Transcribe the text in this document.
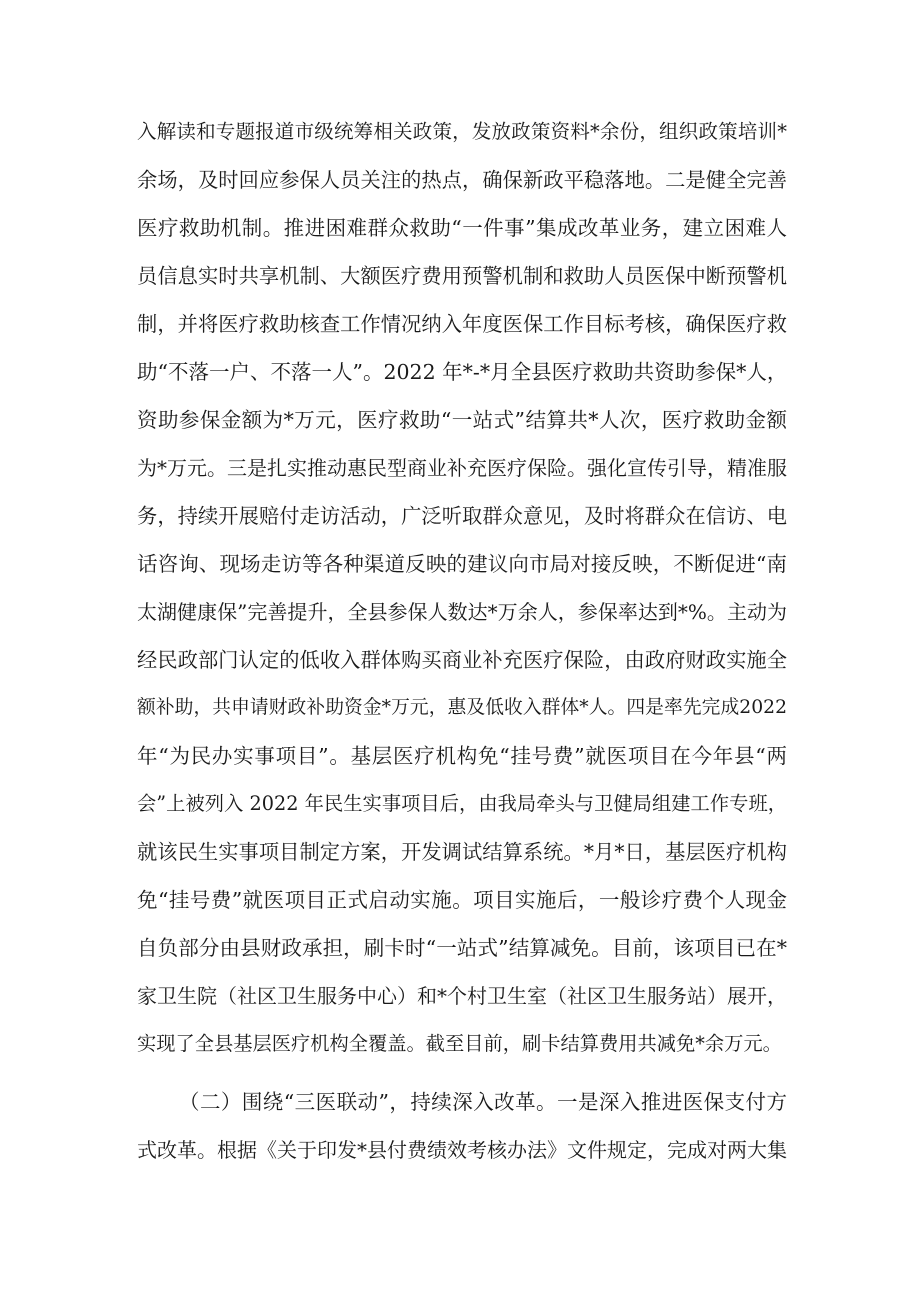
入解读和专题报道市级统筹相关政策，发放政策资料*余份，组织政策培训*
余场，及时回应参保人员关注的热点，确保新政平稳落地。二是健全完善
医疗救助机制。推进困难群众救助“一件事”集成改革业务，建立困难人
员信息实时共享机制、大额医疗费用预警机制和救助人员医保中断预警机
制，并将医疗救助核查工作情况纳入年度医保工作目标考核，确保医疗救
助“不落一户、不落一人”。2022 年*-*月全县医疗救助共资助参保*人，
资助参保金额为*万元，医疗救助“一站式”结算共*人次，医疗救助金额
为*万元。三是扎实推动惠民型商业补充医疗保险。强化宣传引导，精准服
务，持续开展赔付走访活动，广泛听取群众意见，及时将群众在信访、电
话咨询、现场走访等各种渠道反映的建议向市局对接反映，不断促进“南
太湖健康保”完善提升，全县参保人数达*万余人，参保率达到*%。主动为
经民政部门认定的低收入群体购买商业补充医疗保险，由政府财政实施全
额补助，共申请财政补助资金*万元，惠及低收入群体*人。四是率先完成2022
年“为民办实事项目”。基层医疗机构免“挂号费”就医项目在今年县“两
会”上被列入 2022 年民生实事项目后，由我局牵头与卫健局组建工作专班，
就该民生实事项目制定方案，开发调试结算系统。*月*日，基层医疗机构
免“挂号费”就医项目正式启动实施。项目实施后，一般诊疗费个人现金
自负部分由县财政承担，刷卡时“一站式”结算减免。目前，该项目已在*
家卫生院（社区卫生服务中心）和*个村卫生室（社区卫生服务站）展开，
实现了全县基层医疗机构全覆盖。截至目前，刷卡结算费用共减免*余万元。
（二）围绕“三医联动”，持续深入改革。一是深入推进医保支付方
式改革。根据《关于印发*县付费绩效考核办法》文件规定，完成对两大集
